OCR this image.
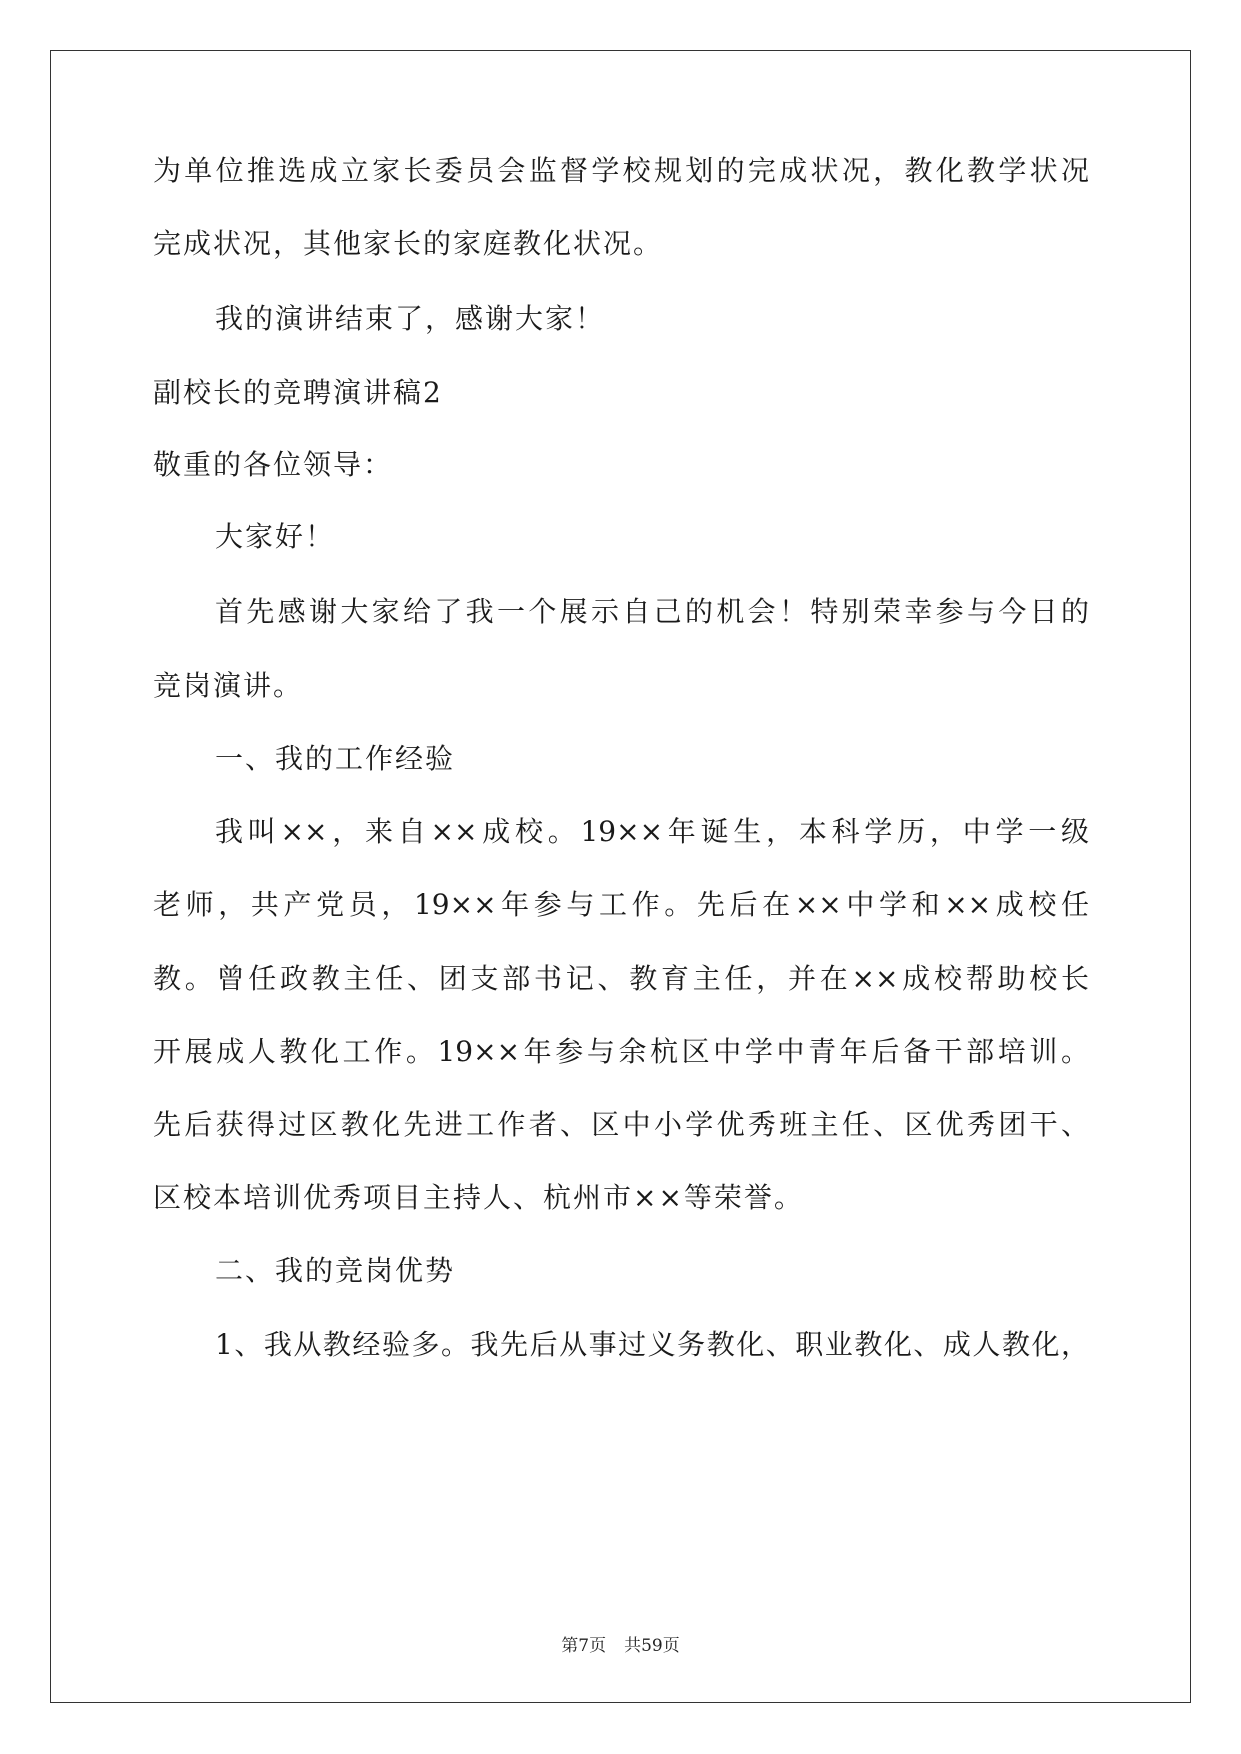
为单位推选成立家长委员会监督学校规划的完成状况，教化教学状况
完成状况，其他家长的家庭教化状况。
我的演讲结束了，感谢大家！
副校长的竞聘演讲稿2
敬重的各位领导：
大家好！
首先感谢大家给了我一个展示自己的机会！特别荣幸参与今日的
竞岗演讲。
一、我的工作经验
我叫××，来自××成校。19××年诞生，本科学历，中学一级
老师，共产党员，19××年参与工作。先后在××中学和××成校任
教。曾任政教主任、团支部书记、教育主任，并在××成校帮助校长
开展成人教化工作。19××年参与余杭区中学中青年后备干部培训。
先后获得过区教化先进工作者、区中小学优秀班主任、区优秀团干、
区校本培训优秀项目主持人、杭州市××等荣誉。
二、我的竞岗优势
1、我从教经验多。我先后从事过义务教化、职业教化、成人教化，
第7页 共59页
